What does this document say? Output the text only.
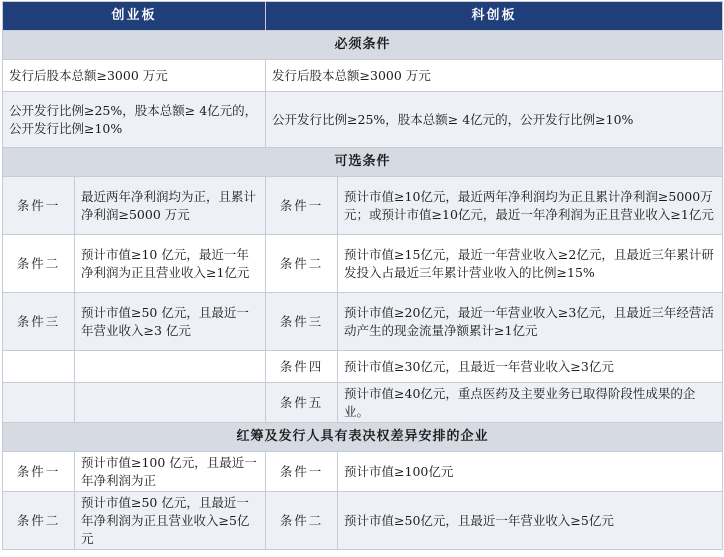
创业板		科创板	
必须条件			
发行后股本总额≥3000 万元		发行后股本总额≥3000 万元	
公开发行比例≥25%，股本总额≥ 4亿元的，公开发行比例≥10%		公开发行比例≥25%，股本总额≥ 4亿元的，公开发行比例≥10%	
可选条件			
条件一	最近两年净利润均为正，且累计净利润≥5000 万元	条件一	预计市值≥10亿元，最近两年净利润均为正且累计净利润≥5000万元；或预计市值≥10亿元，最近一年净利润为正且营业收入≥1亿元
条件二	预计市值≥10 亿元，最近一年净利润为正且营业收入≥1亿元	条件二	预计市值≥15亿元，最近一年营业收入≥2亿元，且最近三年累计研发投入占最近三年累计营业收入的比例≥15%
条件三	预计市值≥50 亿元，且最近一年营业收入≥3 亿元	条件三	预计市值≥20亿元，最近一年营业收入≥3亿元，且最近三年经营活动产生的现金流量净额累计≥1亿元
		条件四	预计市值≥30亿元，且最近一年营业收入≥3亿元
		条件五	预计市值≥40亿元，重点医药及主要业务已取得阶段性成果的企业。
红筹及发行人具有表决权差异安排的企业			
条件一	预计市值≥100 亿元，且最近一年净利润为正	条件一	预计市值≥100亿元
条件二	预计市值≥50 亿元，且最近一年净利润为正且营业收入≥5亿元	条件二	预计市值≥50亿元，且最近一年营业收入≥5亿元
